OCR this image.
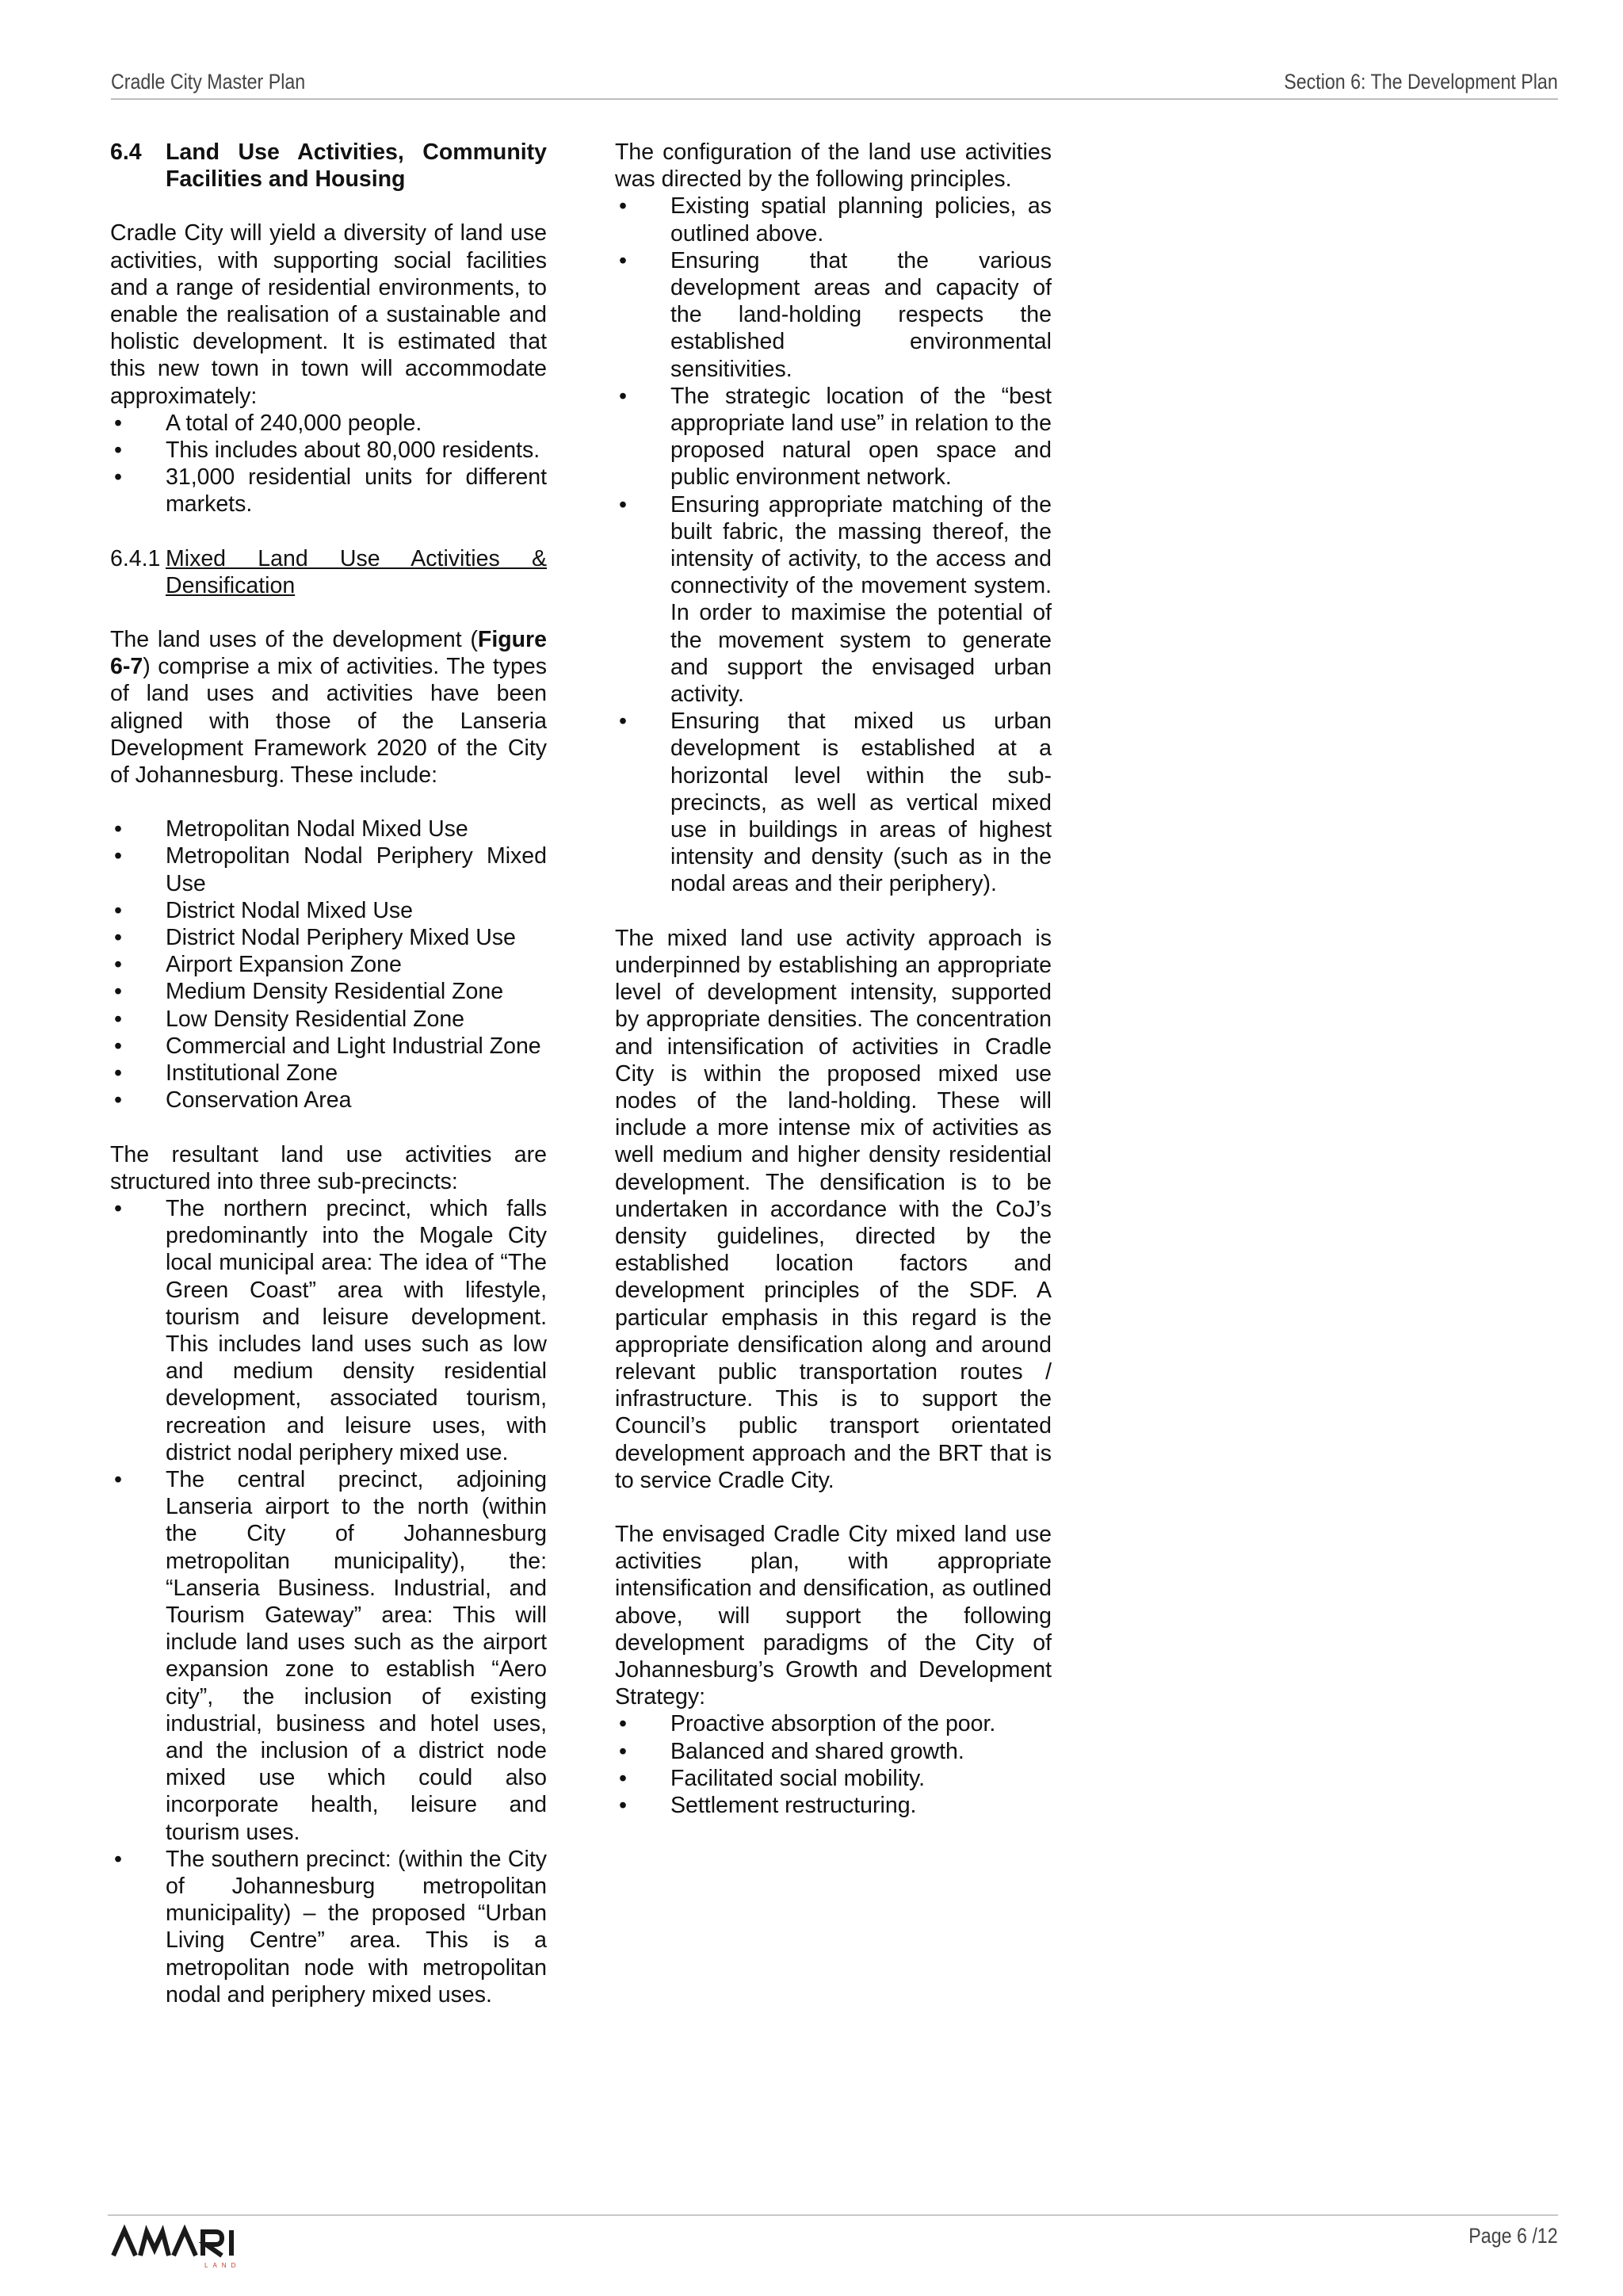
Cradle City Master Plan	Section 6: The Development Plan
6.4	Land Use Activities, Community Facilities and Housing

Cradle City will yield a diversity of land use activities, with supporting social facilities and a range of residential environments, to enable the realisation of a sustainable and holistic development. It is estimated that this new town in town will accommodate approximately:

• A total of 240,000 people.
• This includes about 80,000 residents.
• 31,000 residential units for different markets.
6.4.1 Mixed Land Use Activities & Densification

The land uses of the development (Figure 6-7) comprise a mix of activities. The types of land uses and activities have been aligned with those of the Lanseria Development Framework 2020 of the City of Johannesburg. These include:

• Metropolitan Nodal Mixed Use
• Metropolitan Nodal Periphery Mixed Use
• District Nodal Mixed Use
• District Nodal Periphery Mixed Use
• Airport Expansion Zone
• Medium Density Residential Zone
• Low Density Residential Zone
• Commercial and Light Industrial Zone
• Institutional Zone
• Conservation Area

The resultant land use activities are structured into three sub-precincts:

• The northern precinct, which falls predominantly into the Mogale City local municipal area: The idea of “The Green Coast” area with lifestyle, tourism and leisure development. This includes land uses such as low and medium density residential development, associated tourism, recreation and leisure uses, with district nodal periphery mixed use.
• The central precinct, adjoining Lanseria airport to the north (within the City of Johannesburg metropolitan municipality), the: “Lanseria Business. Industrial, and Tourism Gateway” area: This will include land uses such as the airport expansion zone to establish “Aero city”, the inclusion of existing industrial, business and hotel uses, and the inclusion of a district node mixed use which could also incorporate health, leisure and tourism uses.
• The southern precinct: (within the City of Johannesburg metropolitan municipality) – the proposed “Urban Living Centre” area. This is a metropolitan node with metropolitan nodal and periphery mixed uses.

The configuration of the land use activities was directed by the following principles.

• Existing spatial planning policies, as outlined above.
• Ensuring that the various development areas and capacity of the land-holding respects the established environmental sensitivities.
• The strategic location of the “best appropriate land use” in relation to the proposed natural open space and public environment network.
• Ensuring appropriate matching of the built fabric, the massing thereof, the intensity of activity, to the access and connectivity of the movement system. In order to maximise the potential of the movement system to generate and support the envisaged urban activity.
• Ensuring that mixed us urban development is established at a horizontal level within the sub-precincts, as well as vertical mixed use in buildings in areas of highest intensity and density (such as in the nodal areas and their periphery).

The mixed land use activity approach is underpinned by establishing an appropriate level of development intensity, supported by appropriate densities. The concentration and intensification of activities in Cradle City is within the proposed mixed use nodes of the land-holding. These will include a more intense mix of activities as well medium and higher density residential development. The densification is to be undertaken in accordance with the CoJ’s density guidelines, directed by the established location factors and development principles of the SDF. A particular emphasis in this regard is the appropriate densification along and around relevant public transportation routes / infrastructure. This is to support the Council’s public transport orientated development approach and the BRT that is to service Cradle City.

The envisaged Cradle City mixed land use activities plan, with appropriate intensification and densification, as outlined above, will support the following development paradigms of the City of Johannesburg’s Growth and Development Strategy:

• Proactive absorption of the poor.
• Balanced and shared growth.
• Facilitated social mobility.
• Settlement restructuring.
LAND
Page 6 /12
